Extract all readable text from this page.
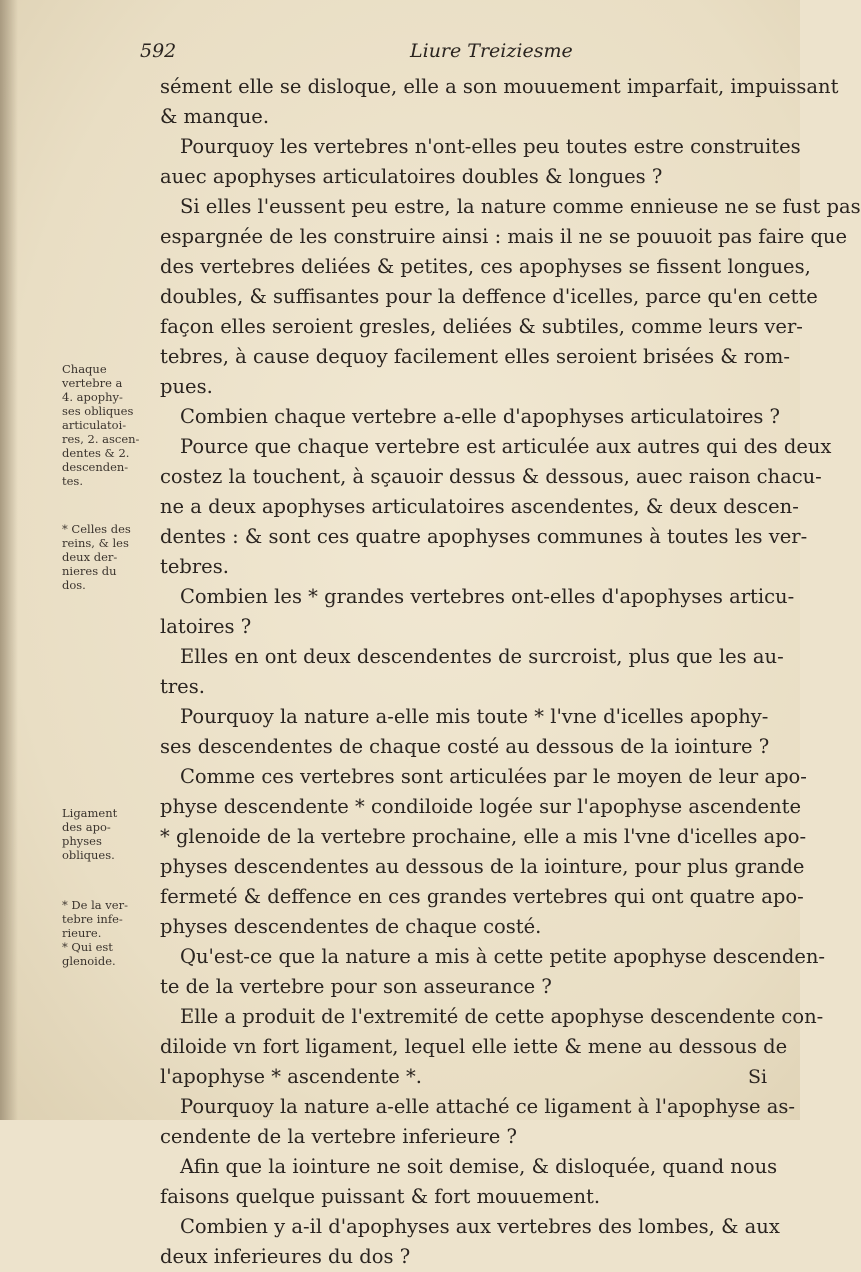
592	Liure Treiziesme
sément elle se disloque, elle a son mouuement imparfait, impuissant
& manque.
Pourquoy les vertebres n'ont-elles peu toutes estre construites
auec apophyses articulatoires doubles & longues ?
Si elles l'eussent peu estre, la nature comme ennieuse ne se fust pas
espargnée de les construire ainsi : mais il ne se pouuoit pas faire que
des vertebres deliées & petites, ces apophyses se fissent longues,
doubles, & suffisantes pour la deffence d'icelles, parce qu'en cette
façon elles seroient gresles, deliées & subtiles, comme leurs ver-
tebres, à cause dequoy facilement elles seroient brisées & rom-
pues.
Combien chaque vertebre a-elle d'apophyses articulatoires ?
Pource que chaque vertebre est articulée aux autres qui des deux
costez la touchent, à sçauoir dessus & dessous, auec raison chacu-
ne a deux apophyses articulatoires ascendentes, & deux descen-
dentes : & sont ces quatre apophyses communes à toutes les ver-
tebres.
Combien les * grandes vertebres ont-elles d'apophyses articu-
latoires ?
Elles en ont deux descendentes de surcroist, plus que les au-
tres.
Pourquoy la nature a-elle mis toute * l'vne d'icelles apophy-
ses descendentes de chaque costé au dessous de la iointure ?
Comme ces vertebres sont articulées par le moyen de leur apo-
physe descendente * condiloide logée sur l'apophyse ascendente
* glenoide de la vertebre prochaine, elle a mis l'vne d'icelles apo-
physes descendentes au dessous de la iointure, pour plus grande
fermeté & deffence en ces grandes vertebres qui ont quatre apo-
physes descendentes de chaque costé.
Qu'est-ce que la nature a mis à cette petite apophyse descenden-
te de la vertebre pour son asseurance ?
Elle a produit de l'extremité de cette apophyse descendente con-
diloide vn fort ligament, lequel elle iette & mene au dessous de
l'apophyse * ascendente *.
Pourquoy la nature a-elle attaché ce ligament à l'apophyse as-
cendente de la vertebre inferieure ?
Afin que la iointure ne soit demise, & disloquée, quand nous
faisons quelque puissant & fort mouuement.
Combien y a-il d'apophyses aux vertebres des lombes, & aux
deux inferieures du dos ?
Chaque
vertebre a
4. apophy-
ses obliques
articulatoi-
res, 2. ascen-
dentes & 2.
descenden-
tes.
* Celles des
reins, & les
deux der-
nieres du
dos.
Ligament
des apo-
physes
obliques.
* De la ver-
tebre infe-
rieure.
* Qui est
glenoide.
Si
